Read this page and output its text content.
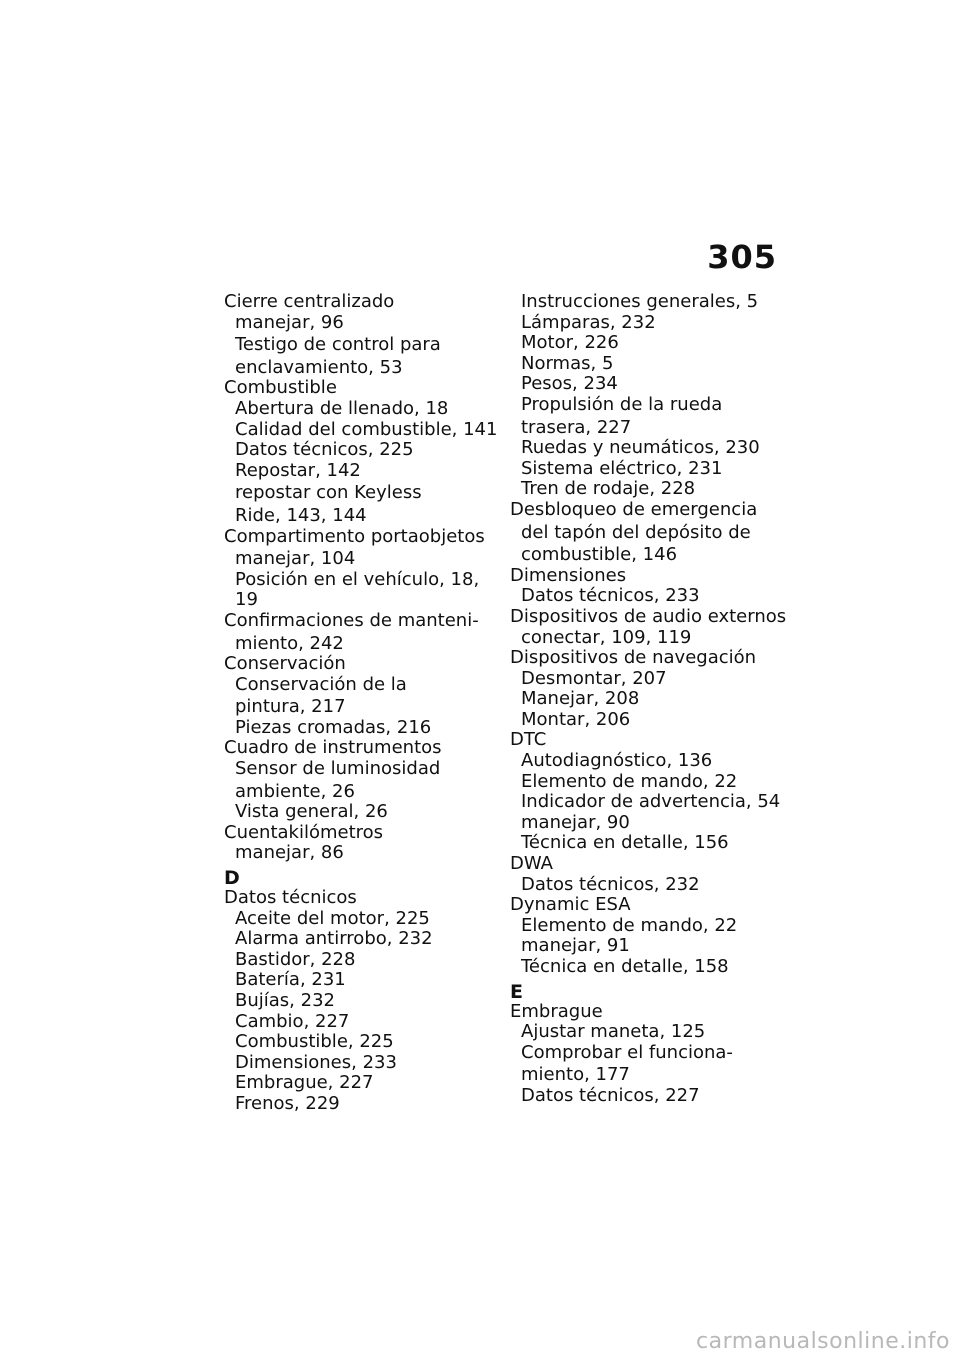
305
Cierre centralizado
manejar, 96
Testigo de control para
enclavamiento, 53
Combustible
Abertura de llenado, 18
Calidad del combustible, 141
Datos técnicos, 225
Repostar, 142
repostar con Keyless
Ride, 143, 144
Compartimento portaobjetos
manejar, 104
Posición en el vehículo, 18,
19
Confirmaciones de manteni-
miento, 242
Conservación
Conservación de la
pintura, 217
Piezas cromadas, 216
Cuadro de instrumentos
Sensor de luminosidad
ambiente, 26
Vista general, 26
Cuentakilómetros
manejar, 86
D
Datos técnicos
Aceite del motor, 225
Alarma antirrobo, 232
Bastidor, 228
Batería, 231
Bujías, 232
Cambio, 227
Combustible, 225
Dimensiones, 233
Embrague, 227
Frenos, 229
Instrucciones generales, 5
Lámparas, 232
Motor, 226
Normas, 5
Pesos, 234
Propulsión de la rueda
trasera, 227
Ruedas y neumáticos, 230
Sistema eléctrico, 231
Tren de rodaje, 228
Desbloqueo de emergencia
del tapón del depósito de
combustible, 146
Dimensiones
Datos técnicos, 233
Dispositivos de audio externos
conectar, 109, 119
Dispositivos de navegación
Desmontar, 207
Manejar, 208
Montar, 206
DTC
Autodiagnóstico, 136
Elemento de mando, 22
Indicador de advertencia, 54
manejar, 90
Técnica en detalle, 156
DWA
Datos técnicos, 232
Dynamic ESA
Elemento de mando, 22
manejar, 91
Técnica en detalle, 158
E
Embrague
Ajustar maneta, 125
Comprobar el funciona-
miento, 177
Datos técnicos, 227
carmanualsonline.info
